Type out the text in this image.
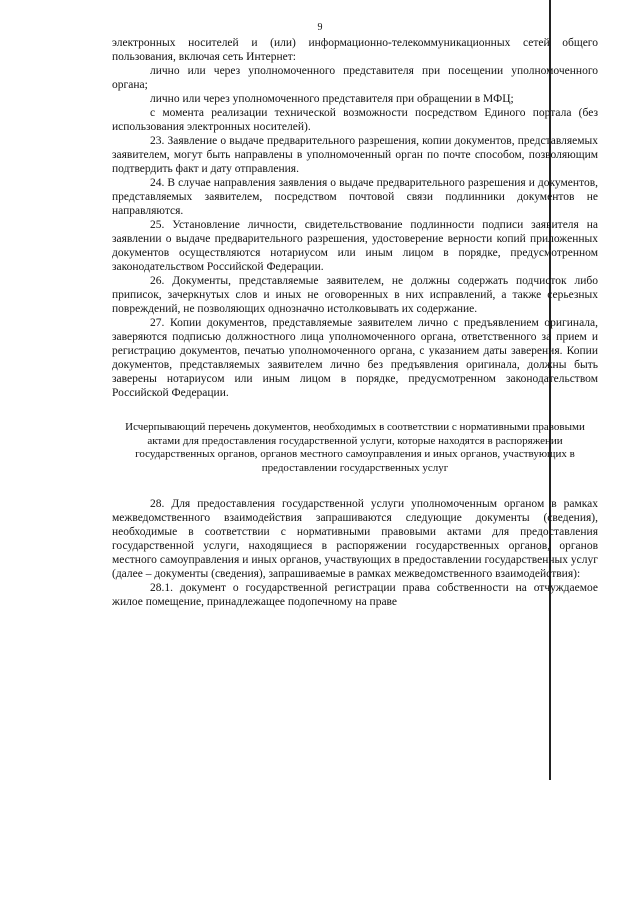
9

электронных носителей и (или) информационно-телекоммуникационных сетей общего пользования, включая сеть Интернет:

лично или через уполномоченного представителя при посещении уполномоченного органа;

лично или через уполномоченного представителя при обращении в МФЦ;

с момента реализации технической возможности посредством Единого портала (без использования электронных носителей).

23. Заявление о выдаче предварительного разрешения, копии документов, представляемых заявителем, могут быть направлены в уполномоченный орган по почте способом, позволяющим подтвердить факт и дату отправления.

24. В случае направления заявления о выдаче предварительного разрешения и документов, представляемых заявителем, посредством почтовой связи подлинники документов не направляются.

25. Установление личности, свидетельствование подлинности подписи заявителя на заявлении о выдаче предварительного разрешения, удостоверение верности копий приложенных документов осуществляются нотариусом или иным лицом в порядке, предусмотренном законодательством Российской Федерации.

26. Документы, представляемые заявителем, не должны содержать подчисток либо приписок, зачеркнутых слов и иных не оговоренных в них исправлений, а также серьезных повреждений, не позволяющих однозначно истолковывать их содержание.

27. Копии документов, представляемые заявителем лично с предъявлением оригинала, заверяются подписью должностного лица уполномоченного органа, ответственного за прием и регистрацию документов, печатью уполномоченного органа, с указанием даты заверения. Копии документов, представляемых заявителем лично без предъявления оригинала, должны быть заверены нотариусом или иным лицом в порядке, предусмотренном законодательством Российской Федерации.

Исчерпывающий перечень документов, необходимых в соответствии с нормативными правовыми актами для предоставления государственной услуги, которые находятся в распоряжении государственных органов, органов местного самоуправления и иных органов, участвующих в предоставлении государственных услуг

28. Для предоставления государственной услуги уполномоченным органом в рамках межведомственного взаимодействия запрашиваются следующие документы (сведения), необходимые в соответствии с нормативными правовыми актами для предоставления государственной услуги, находящиеся в распоряжении государственных органов, органов местного самоуправления и иных органов, участвующих в предоставлении государственных услуг (далее – документы (сведения), запрашиваемые в рамках межведомственного взаимодействия):

28.1. документ о государственной регистрации права собственности на отчуждаемое жилое помещение, принадлежащее подопечному на праве
